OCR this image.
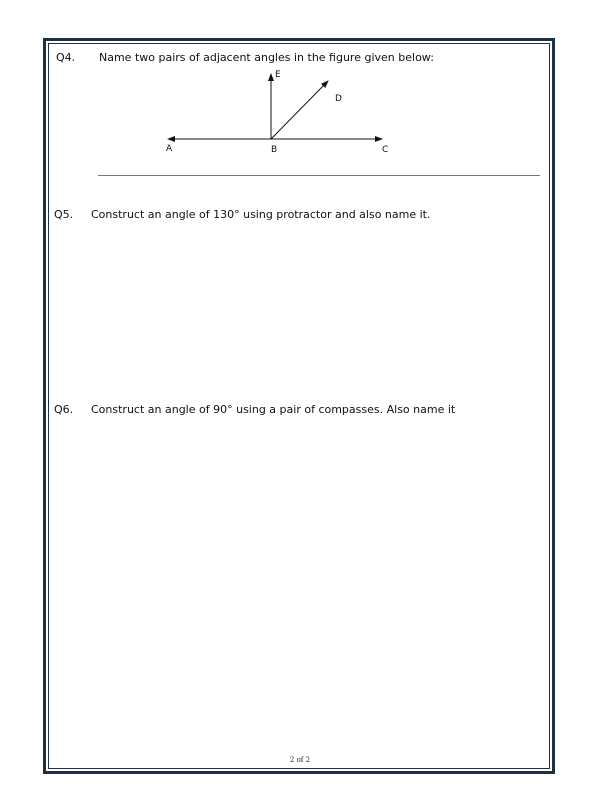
Q4. Name two pairs of adjacent angles in the figure given below:
A	B	C
D
E
Q5. Construct an angle of 130° using protractor and also name it.
Q6. Construct an angle of 90° using a pair of compasses. Also name it
2 of 2
